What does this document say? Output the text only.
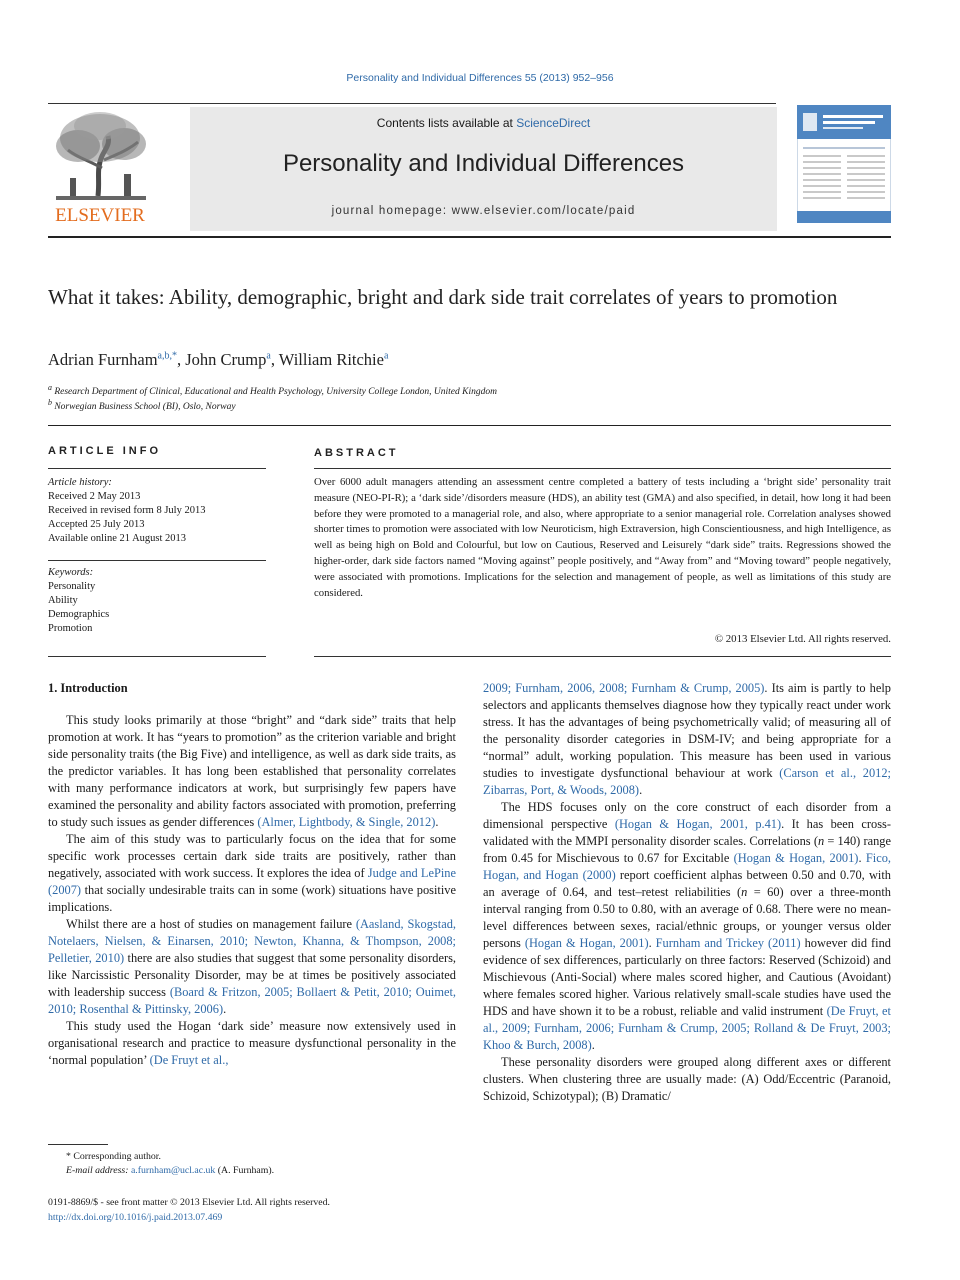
Personality and Individual Differences 55 (2013) 952–956
Contents lists available at ScienceDirect
Personality and Individual Differences
journal homepage: www.elsevier.com/locate/paid
ELSEVIER
What it takes: Ability, demographic, bright and dark side trait correlates of years to promotion
Adrian Furnham$^{a,b,*}$, John Crump$^a$, William Ritchie$^a$
$^a$ Research Department of Clinical, Educational and Health Psychology, University College London, United Kingdom
$^b$ Norwegian Business School (BI), Oslo, Norway
ARTICLE INFO	ABSTRACT
Article history:
Received 2 May 2013
Received in revised form 8 July 2013
Accepted 25 July 2013
Available online 21 August 2013
Keywords:
Personality
Ability
Demographics
Promotion
Over 6000 adult managers attending an assessment centre completed a battery of tests including a ‘bright side’ personality trait measure (NEO-PI-R); a ‘dark side’/disorders measure (HDS), an ability test (GMA) and also specified, in detail, how long it had been before they were promoted to a managerial role, and also, where appropriate to a senior managerial role. Correlation analyses showed shorter times to promotion were associated with low Neuroticism, high Extraversion, high Conscientiousness, and high Intelligence, as well as being high on Bold and Colourful, but low on Cautious, Reserved and Leisurely “dark side” traits. Regressions showed the higher-order, dark side factors named “Moving against” people positively, and “Away from” and “Moving toward” people negatively, were associated with promotions. Implications for the selection and management of people, as well as limitations of this study are considered.
© 2013 Elsevier Ltd. All rights reserved.
1. Introduction

This study looks primarily at those “bright” and “dark side” traits that help promotion at work. It has “years to promotion” as the criterion variable and bright side personality traits (the Big Five) and intelligence, as well as dark side traits, as the predictor variables. It has long been established that personality correlates with many performance indicators at work, but surprisingly few papers have examined the personality and ability factors associated with promotion, preferring to study such issues as gender differences (Almer, Lightbody, & Single, 2012).

The aim of this study was to particularly focus on the idea that for some specific work processes certain dark side traits are positively, rather than negatively, associated with work success. It explores the idea of Judge and LePine (2007) that socially undesirable traits can in some (work) situations have positive implications.

Whilst there are a host of studies on management failure (Aasland, Skogstad, Notelaers, Nielsen, & Einarsen, 2010; Newton, Khanna, & Thompson, 2008; Pelletier, 2010) there are also studies that suggest that some personality disorders, like Narcissistic Personality Disorder, may be at times be positively associated with leadership success (Board & Fritzon, 2005; Bollaert & Petit, 2010; Ouimet, 2010; Rosenthal & Pittinsky, 2006).

This study used the Hogan ‘dark side’ measure now extensively used in organisational research and practice to measure dysfunctional personality in the ‘normal population’ (De Fruyt et al.,

2009; Furnham, 2006, 2008; Furnham & Crump, 2005). Its aim is partly to help selectors and applicants themselves diagnose how they typically react under work stress. It has the advantages of being psychometrically valid; of measuring all of the personality disorder categories in DSM-IV; and being appropriate for a “normal” adult, working population. This measure has been used in various studies to investigate dysfunctional behaviour at work (Carson et al., 2012; Zibarras, Port, & Woods, 2008).

The HDS focuses only on the core construct of each disorder from a dimensional perspective (Hogan & Hogan, 2001, p.41). It has been cross-validated with the MMPI personality disorder scales. Correlations (n = 140) range from 0.45 for Mischievous to 0.67 for Excitable (Hogan & Hogan, 2001). Fico, Hogan, and Hogan (2000) report coefficient alphas between 0.50 and 0.70, with an average of 0.64, and test–retest reliabilities (n = 60) over a three-month interval ranging from 0.50 to 0.80, with an average of 0.68. There were no mean-level differences between sexes, racial/ethnic groups, or younger versus older persons (Hogan & Hogan, 2001). Furnham and Trickey (2011) however did find evidence of sex differences, particularly on three factors: Reserved (Schizoid) and Mischievous (Anti-Social) where males scored higher, and Cautious (Avoidant) where females scored higher. Various relatively small-scale studies have used the HDS and have shown it to be a robust, reliable and valid instrument (De Fruyt, et al., 2009; Furnham, 2006; Furnham & Crump, 2005; Rolland & De Fruyt, 2003; Khoo & Burch, 2008).

These personality disorders were grouped along different axes or different clusters. When clustering three are usually made: (A) Odd/Eccentric (Paranoid, Schizoid, Schizotypal); (B) Dramatic/

* Corresponding author.
E-mail address: a.furnham@ucl.ac.uk (A. Furnham).
0191-8869/$ - see front matter © 2013 Elsevier Ltd. All rights reserved.
http://dx.doi.org/10.1016/j.paid.2013.07.469
